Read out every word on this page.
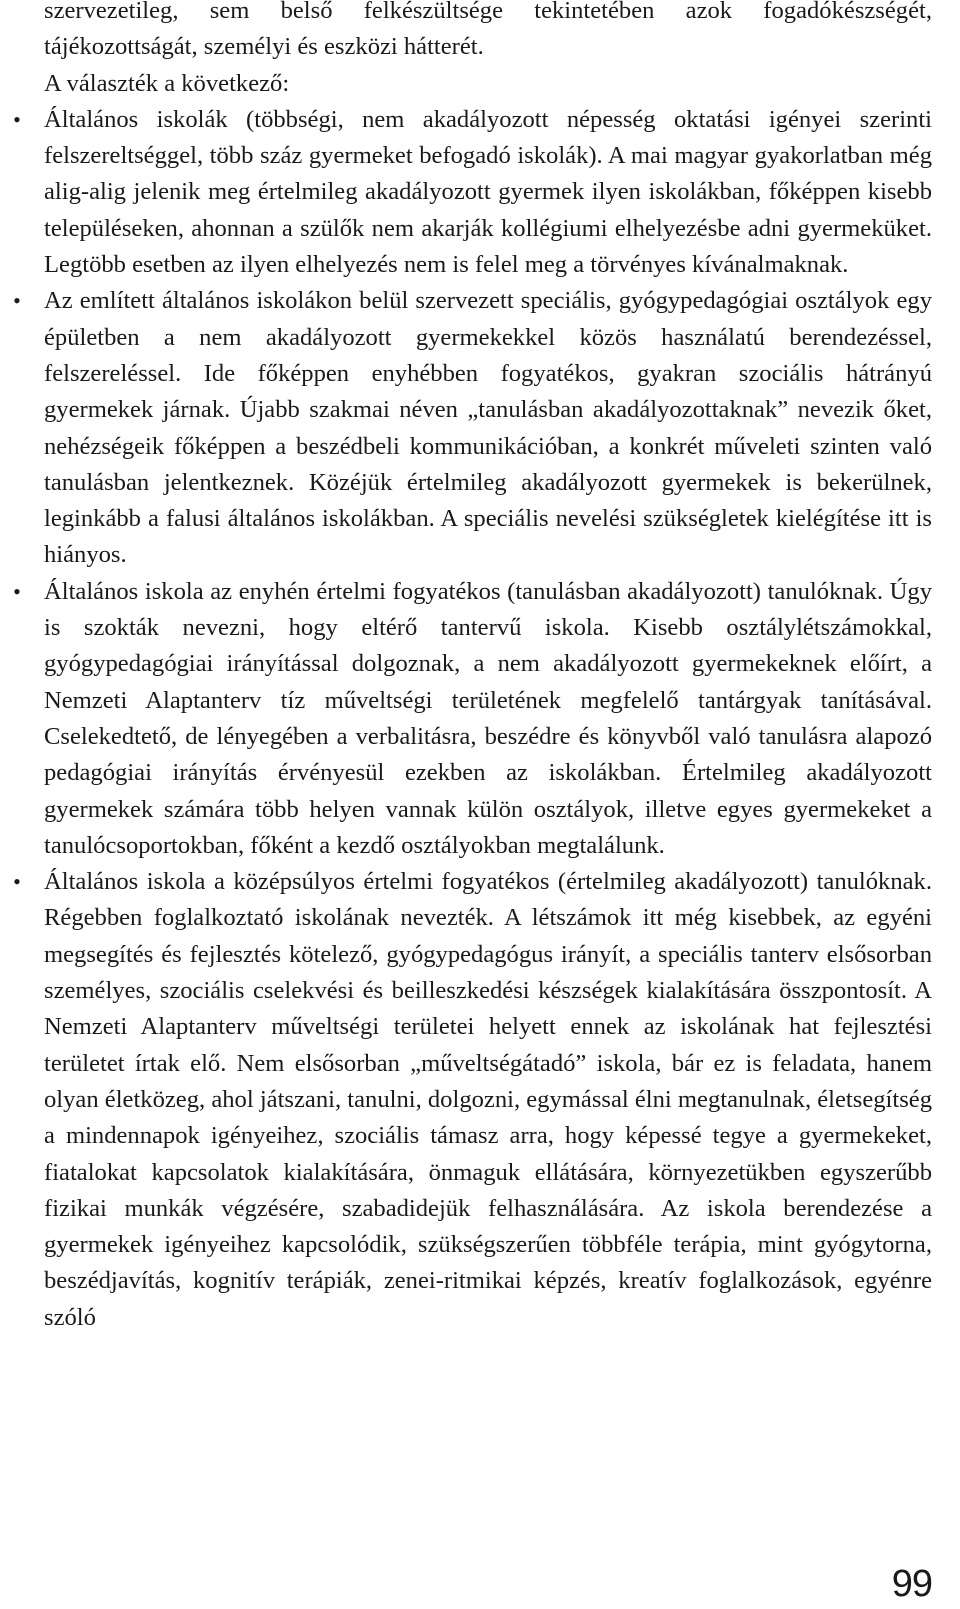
szervezetileg, sem belső felkészültsége tekintetében azok fogadókészségét, tájékozottságát, személyi és eszközi hátterét.

A választék a következő:

• Általános iskolák (többségi, nem akadályozott népesség oktatási igényei szerinti felszereltséggel, több száz gyermeket befogadó iskolák). A mai magyar gyakorlatban még alig-alig jelenik meg értelmileg akadályozott gyermek ilyen iskolákban, főképpen kisebb településeken, ahonnan a szülők nem akarják kollégiumi elhelyezésbe adni gyermeküket. Legtöbb esetben az ilyen elhelyezés nem is felel meg a törvényes kívánalmaknak.
• Az említett általános iskolákon belül szervezett speciális, gyógypedagógiai osztályok egy épületben a nem akadályozott gyermekekkel közös használatú berendezéssel, felszereléssel. Ide főképpen enyhébben fogyatékos, gyakran szociális hátrányú gyermekek járnak. Újabb szakmai néven „tanulásban akadályozottaknak” nevezik őket, nehézségeik főképpen a beszédbeli kommunikációban, a konkrét műveleti szinten való tanulásban jelentkeznek. Közéjük értelmileg akadályozott gyermekek is bekerülnek, leginkább a falusi általános iskolákban. A speciális nevelési szükségletek kielégítése itt is hiányos.
• Általános iskola az enyhén értelmi fogyatékos (tanulásban akadályozott) tanulóknak. Úgy is szokták nevezni, hogy eltérő tantervű iskola. Kisebb osztálylétszámokkal, gyógypedagógiai irányítással dolgoznak, a nem akadályozott gyermekeknek előírt, a Nemzeti Alaptanterv tíz műveltségi területének megfelelő tantárgyak tanításával. Cselekedtető, de lényegében a verbalitásra, beszédre és könyvből való tanulásra alapozó pedagógiai irányítás érvényesül ezekben az iskolákban. Értelmileg akadályozott gyermekek számára több helyen vannak külön osztályok, illetve egyes gyermekeket a tanulócsoportokban, főként a kezdő osztályokban megtalálunk.
• Általános iskola a középsúlyos értelmi fogyatékos (értelmileg akadályozott) tanulóknak. Régebben foglalkoztató iskolának nevezték. A létszámok itt még kisebbek, az egyéni megsegítés és fejlesztés kötelező, gyógypedagógus irányít, a speciális tanterv elsősorban személyes, szociális cselekvési és beilleszkedési készségek kialakítására összpontosít. A Nemzeti Alaptanterv műveltségi területei helyett ennek az iskolának hat fejlesztési területet írtak elő. Nem elsősorban „műveltségátadó” iskola, bár ez is feladata, hanem olyan életközeg, ahol játszani, tanulni, dolgozni, egymással élni megtanulnak, életsegítség a mindennapok igényeihez, szociális támasz arra, hogy képessé tegye a gyermekeket, fiatalokat kapcsolatok kialakítására, önmaguk ellátására, környezetükben egyszerűbb fizikai munkák végzésére, szabadidejük felhasználására. Az iskola berendezése a gyermekek igényeihez kapcsolódik, szükségszerűen többféle terápia, mint gyógytorna, beszédjavítás, kognitív terápiák, zenei-ritmikai képzés, kreatív foglalkozások, egyénre szóló
99
